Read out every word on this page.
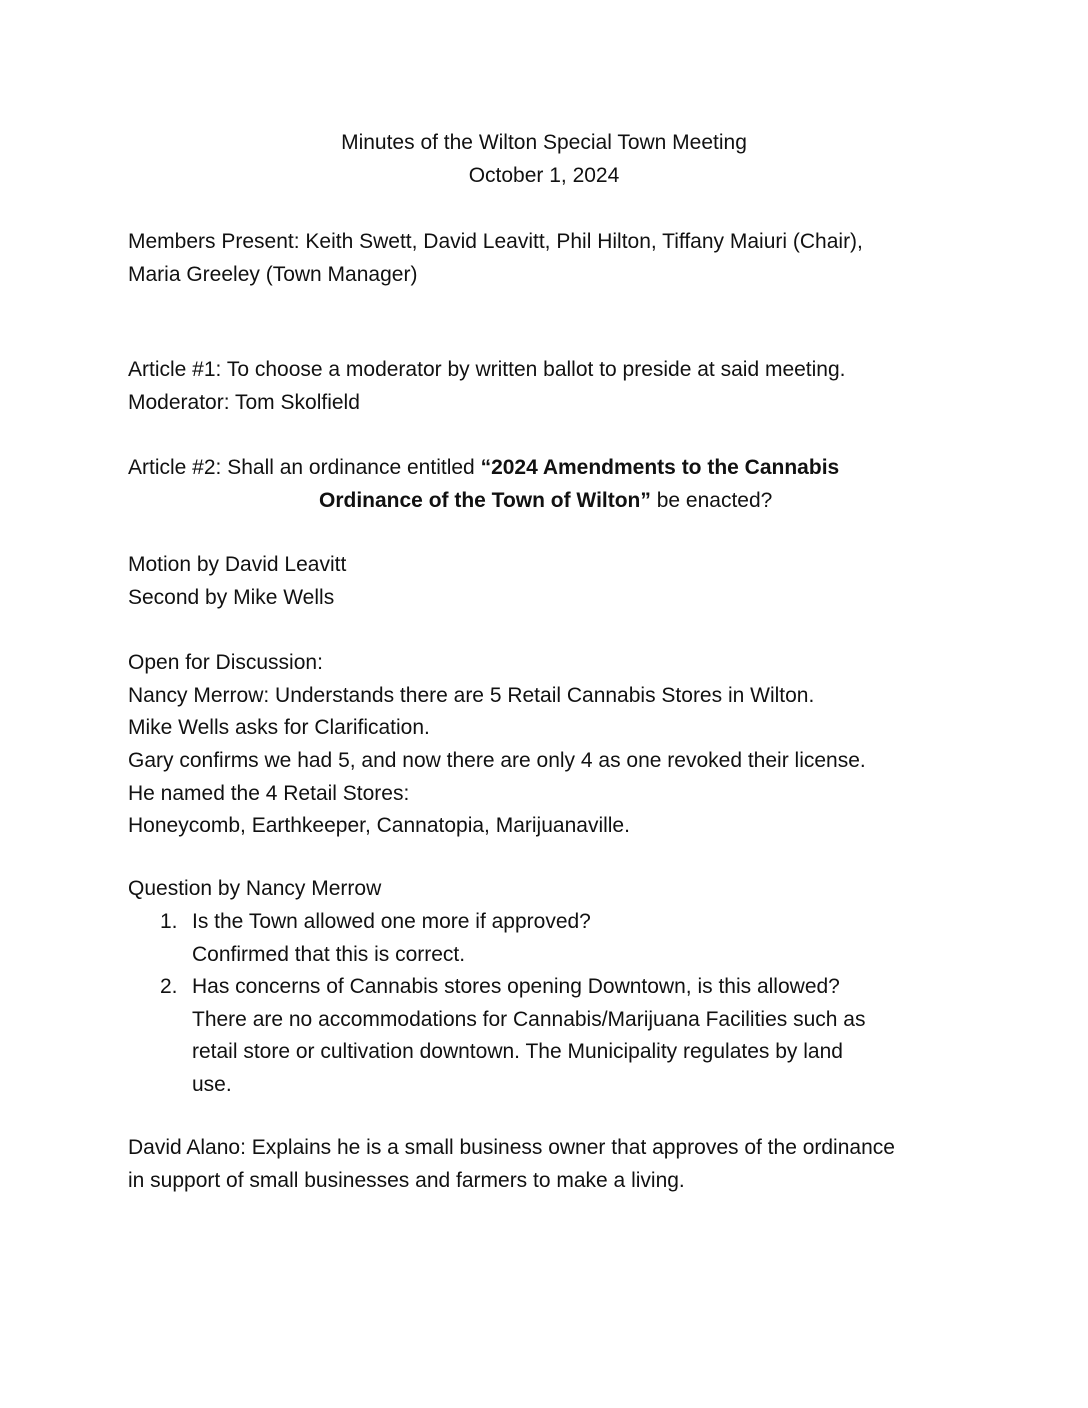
Minutes of the Wilton Special Town Meeting
October 1, 2024
Members Present: Keith Swett, David Leavitt, Phil Hilton, Tiffany Maiuri (Chair),
Maria Greeley (Town Manager)
Article #1: To choose a moderator by written ballot to preside at said meeting.
Moderator: Tom Skolfield
Article #2: Shall an ordinance entitled “2024 Amendments to the Cannabis
Ordinance of the Town of Wilton” be enacted?
Motion by David Leavitt
Second by Mike Wells
Open for Discussion:
Nancy Merrow: Understands there are 5 Retail Cannabis Stores in Wilton.
Mike Wells asks for Clarification.
Gary confirms we had 5, and now there are only 4 as one revoked their license.
He named the 4 Retail Stores:
Honeycomb, Earthkeeper, Cannatopia, Marijuanaville.
Question by Nancy Merrow
1. Is the Town allowed one more if approved?
Confirmed that this is correct.
2. Has concerns of Cannabis stores opening Downtown, is this allowed?
There are no accommodations for Cannabis/Marijuana Facilities such as
retail store or cultivation downtown. The Municipality regulates by land
use.
David Alano: Explains he is a small business owner that approves of the ordinance
in support of small businesses and farmers to make a living.
